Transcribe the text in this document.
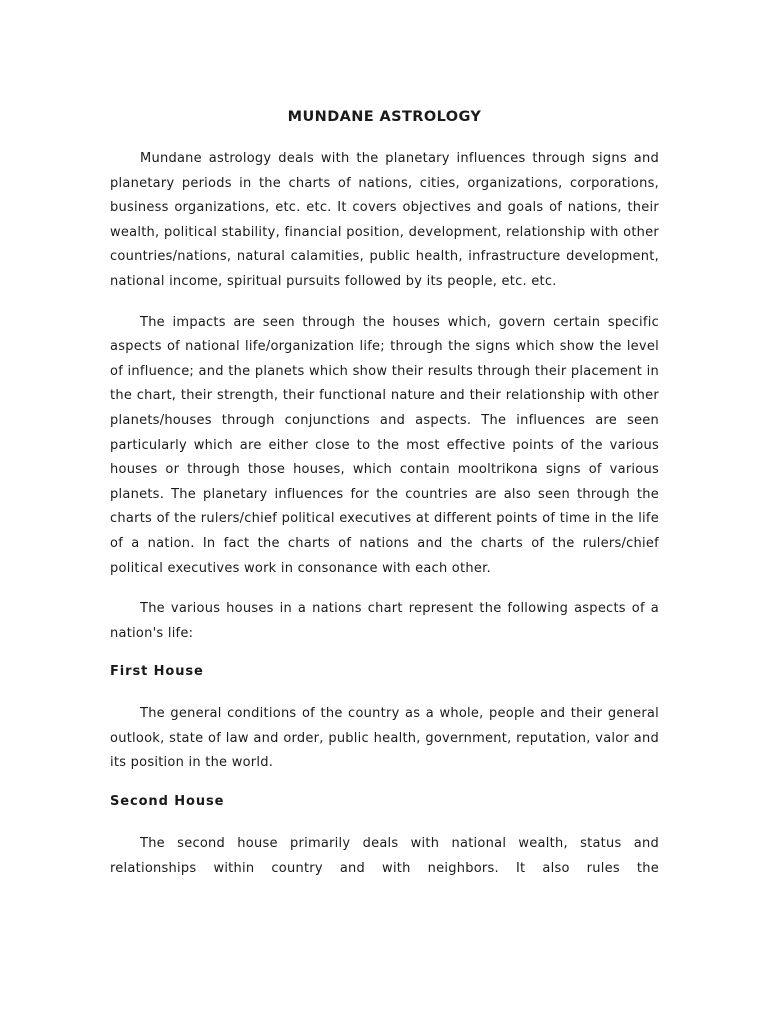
MUNDANE ASTROLOGY

Mundane astrology deals with the planetary influences through signs and planetary periods in the charts of nations, cities, organizations, corporations, business organizations, etc. etc. It covers objectives and goals of nations, their wealth, political stability, financial position, development, relationship with other countries/nations, natural calamities, public health, infrastructure development, national income, spiritual pursuits followed by its people, etc. etc.

The impacts are seen through the houses which, govern certain specific aspects of national life/organization life; through the signs which show the level of influence; and the planets which show their results through their placement in the chart, their strength, their functional nature and their relationship with other planets/houses through conjunctions and aspects. The influences are seen particularly which are either close to the most effective points of the various houses or through those houses, which contain mooltrikona signs of various planets. The planetary influences for the countries are also seen through the charts of the rulers/chief political executives at different points of time in the life of a nation. In fact the charts of nations and the charts of the rulers/chief political executives work in consonance with each other.

The various houses in a nations chart represent the following aspects of a nation's life:

First House

The general conditions of the country as a whole, people and their general outlook, state of law and order, public health, government, reputation, valor and its position in the world.

Second House

The second house primarily deals with national wealth, status and relationships within country and with neighbors. It also rules the
